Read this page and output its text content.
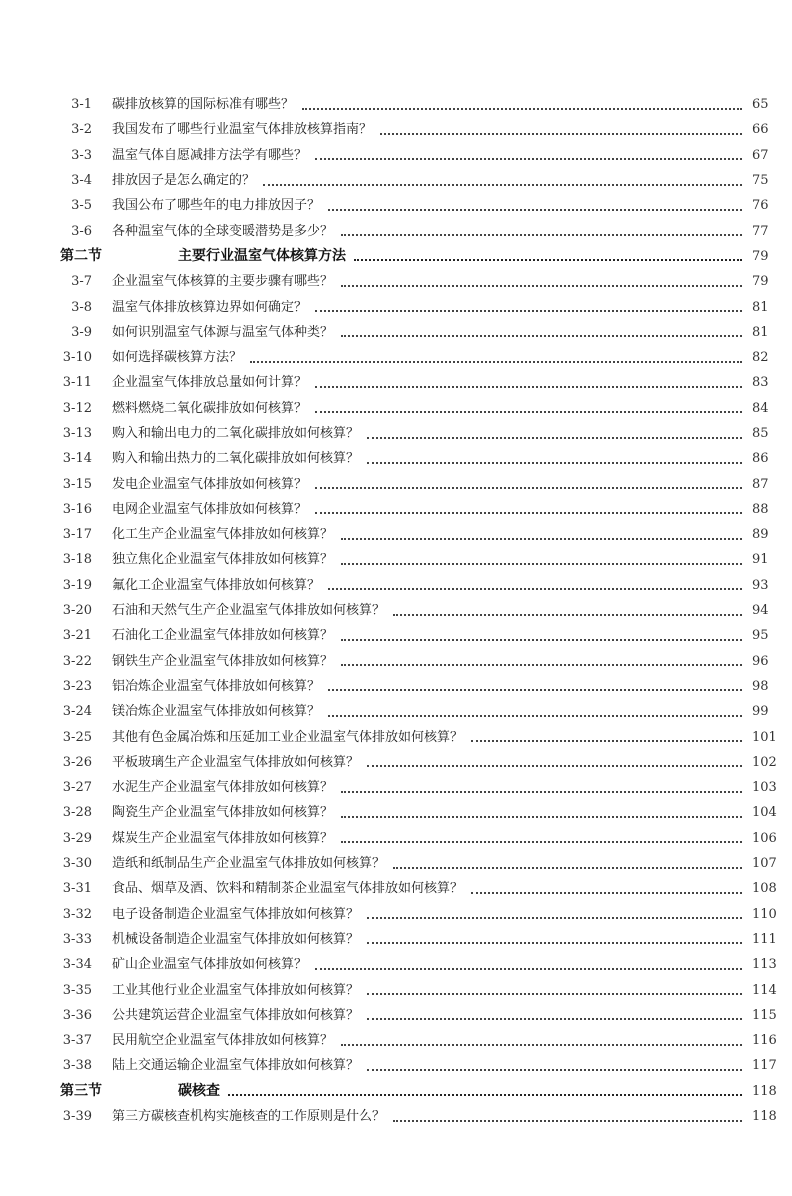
3-1	碳排放核算的国际标准有哪些？	65
3-2	我国发布了哪些行业温室气体排放核算指南？	66
3-3	温室气体自愿减排方法学有哪些？	67
3-4	排放因子是怎么确定的？	75
3-5	我国公布了哪些年的电力排放因子？	76
3-6	各种温室气体的全球变暖潜势是多少？	77
第二节	主要行业温室气体核算方法	79
3-7	企业温室气体核算的主要步骤有哪些？	79
3-8	温室气体排放核算边界如何确定？	81
3-9	如何识别温室气体源与温室气体种类？	81
3-10	如何选择碳核算方法？	82
3-11	企业温室气体排放总量如何计算？	83
3-12	燃料燃烧二氧化碳排放如何核算？	84
3-13	购入和输出电力的二氧化碳排放如何核算？	85
3-14	购入和输出热力的二氧化碳排放如何核算？	86
3-15	发电企业温室气体排放如何核算？	87
3-16	电网企业温室气体排放如何核算？	88
3-17	化工生产企业温室气体排放如何核算？	89
3-18	独立焦化企业温室气体排放如何核算？	91
3-19	氟化工企业温室气体排放如何核算？	93
3-20	石油和天然气生产企业温室气体排放如何核算？	94
3-21	石油化工企业温室气体排放如何核算？	95
3-22	钢铁生产企业温室气体排放如何核算？	96
3-23	铝冶炼企业温室气体排放如何核算？	98
3-24	镁冶炼企业温室气体排放如何核算？	99
3-25	其他有色金属冶炼和压延加工业企业温室气体排放如何核算？	101
3-26	平板玻璃生产企业温室气体排放如何核算？	102
3-27	水泥生产企业温室气体排放如何核算？	103
3-28	陶瓷生产企业温室气体排放如何核算？	104
3-29	煤炭生产企业温室气体排放如何核算？	106
3-30	造纸和纸制品生产企业温室气体排放如何核算？	107
3-31	食品、烟草及酒、饮料和精制茶企业温室气体排放如何核算？	108
3-32	电子设备制造企业温室气体排放如何核算？	110
3-33	机械设备制造企业温室气体排放如何核算？	111
3-34	矿山企业温室气体排放如何核算？	113
3-35	工业其他行业企业温室气体排放如何核算？	114
3-36	公共建筑运营企业温室气体排放如何核算？	115
3-37	民用航空企业温室气体排放如何核算？	116
3-38	陆上交通运输企业温室气体排放如何核算？	117
第三节	碳核查	118
3-39	第三方碳核查机构实施核查的工作原则是什么？	118
